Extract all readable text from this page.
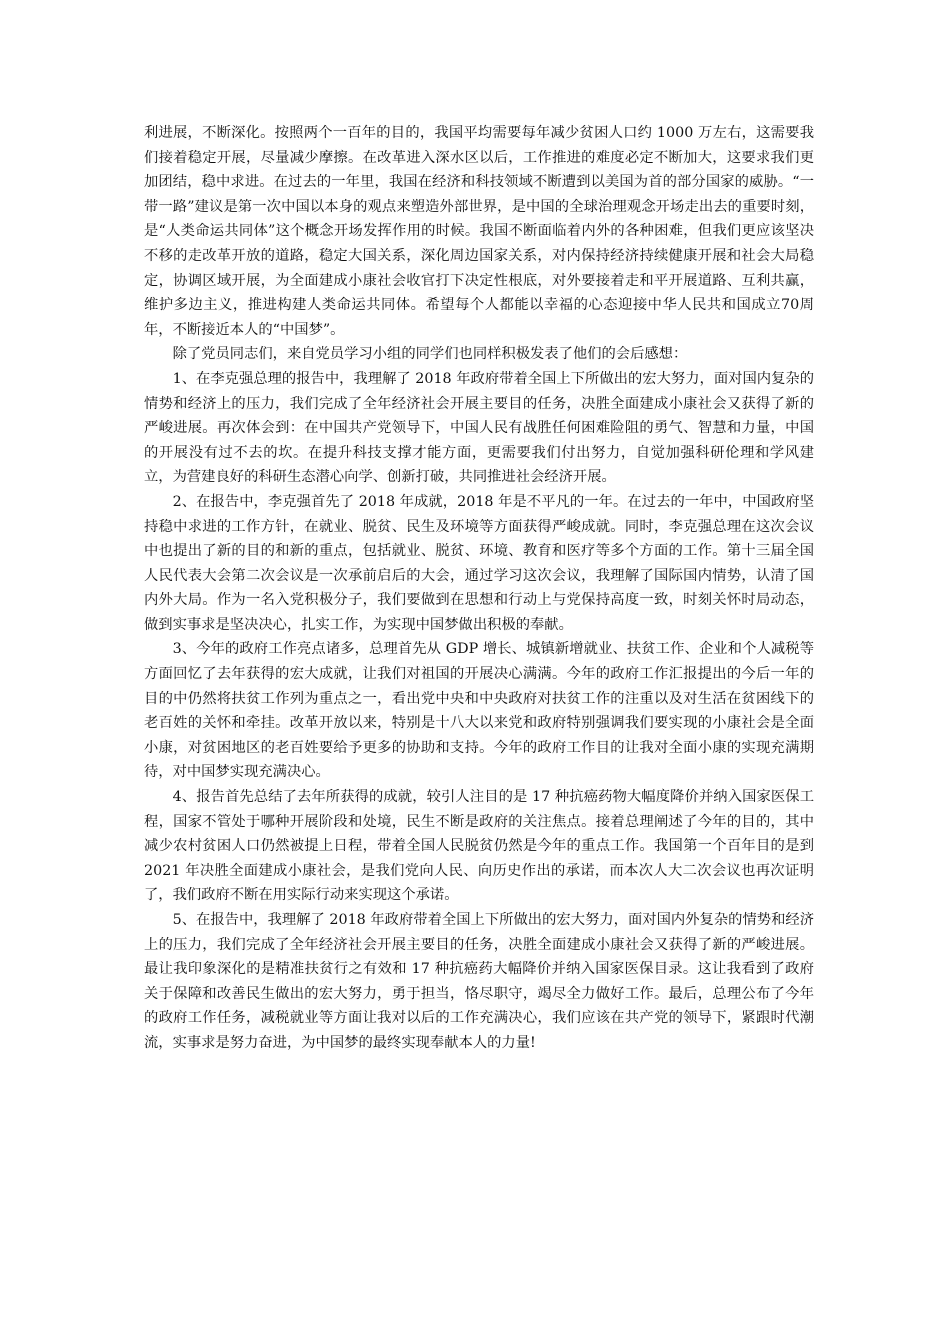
利进展，不断深化。按照两个一百年的目的，我国平均需要每年减少贫困人口约 1000 万左右，这需要我们接着稳定开展，尽量减少摩擦。在改革进入深水区以后，工作推进的难度必定不断加大，这要求我们更加团结，稳中求进。在过去的一年里，我国在经济和科技领域不断遭到以美国为首的部分国家的威胁。“一带一路”建议是第一次中国以本身的观点来塑造外部世界，是中国的全球治理观念开场走出去的重要时刻，是“人类命运共同体”这个概念开场发挥作用的时候。我国不断面临着内外的各种困难，但我们更应该坚决不移的走改革开放的道路，稳定大国关系，深化周边国家关系，对内保持经济持续健康开展和社会大局稳定，协调区域开展，为全面建成小康社会收官打下决定性根底，对外要接着走和平开展道路、互利共赢，维护多边主义，推进构建人类命运共同体。希望每个人都能以幸福的心态迎接中华人民共和国成立70周年，不断接近本人的“中国梦”。

除了党员同志们，来自党员学习小组的同学们也同样积极发表了他们的会后感想：

1、在李克强总理的报告中，我理解了 2018 年政府带着全国上下所做出的宏大努力，面对国内复杂的情势和经济上的压力，我们完成了全年经济社会开展主要目的任务，决胜全面建成小康社会又获得了新的严峻进展。再次体会到：在中国共产党领导下，中国人民有战胜任何困难险阻的勇气、智慧和力量，中国的开展没有过不去的坎。在提升科技支撑才能方面，更需要我们付出努力，自觉加强科研伦理和学风建立，为营建良好的科研生态潜心向学、创新打破，共同推进社会经济开展。

2、在报告中，李克强首先了 2018 年成就，2018 年是不平凡的一年。在过去的一年中，中国政府坚持稳中求进的工作方针，在就业、脱贫、民生及环境等方面获得严峻成就。同时，李克强总理在这次会议中也提出了新的目的和新的重点，包括就业、脱贫、环境、教育和医疗等多个方面的工作。第十三届全国人民代表大会第二次会议是一次承前启后的大会，通过学习这次会议，我理解了国际国内情势，认清了国内外大局。作为一名入党积极分子，我们要做到在思想和行动上与党保持高度一致，时刻关怀时局动态，做到实事求是坚决决心，扎实工作，为实现中国梦做出积极的奉献。

3、今年的政府工作亮点诸多，总理首先从 GDP 增长、城镇新增就业、扶贫工作、企业和个人减税等方面回忆了去年获得的宏大成就，让我们对祖国的开展决心满满。今年的政府工作汇报提出的今后一年的目的中仍然将扶贫工作列为重点之一，看出党中央和中央政府对扶贫工作的注重以及对生活在贫困线下的老百姓的关怀和牵挂。改革开放以来，特别是十八大以来党和政府特别强调我们要实现的小康社会是全面小康，对贫困地区的老百姓要给予更多的协助和支持。今年的政府工作目的让我对全面小康的实现充满期待，对中国梦实现充满决心。

4、报告首先总结了去年所获得的成就，较引人注目的是 17 种抗癌药物大幅度降价并纳入国家医保工程，国家不管处于哪种开展阶段和处境，民生不断是政府的关注焦点。接着总理阐述了今年的目的，其中减少农村贫困人口仍然被提上日程，带着全国人民脱贫仍然是今年的重点工作。我国第一个百年目的是到 2021 年决胜全面建成小康社会，是我们党向人民、向历史作出的承诺，而本次人大二次会议也再次证明了，我们政府不断在用实际行动来实现这个承诺。

5、在报告中，我理解了 2018 年政府带着全国上下所做出的宏大努力，面对国内外复杂的情势和经济上的压力，我们完成了全年经济社会开展主要目的任务，决胜全面建成小康社会又获得了新的严峻进展。最让我印象深化的是精准扶贫行之有效和 17 种抗癌药大幅降价并纳入国家医保目录。这让我看到了政府关于保障和改善民生做出的宏大努力，勇于担当，恪尽职守，竭尽全力做好工作。最后，总理公布了今年的政府工作任务，减税就业等方面让我对以后的工作充满决心，我们应该在共产党的领导下，紧跟时代潮流，实事求是努力奋进，为中国梦的最终实现奉献本人的力量!
